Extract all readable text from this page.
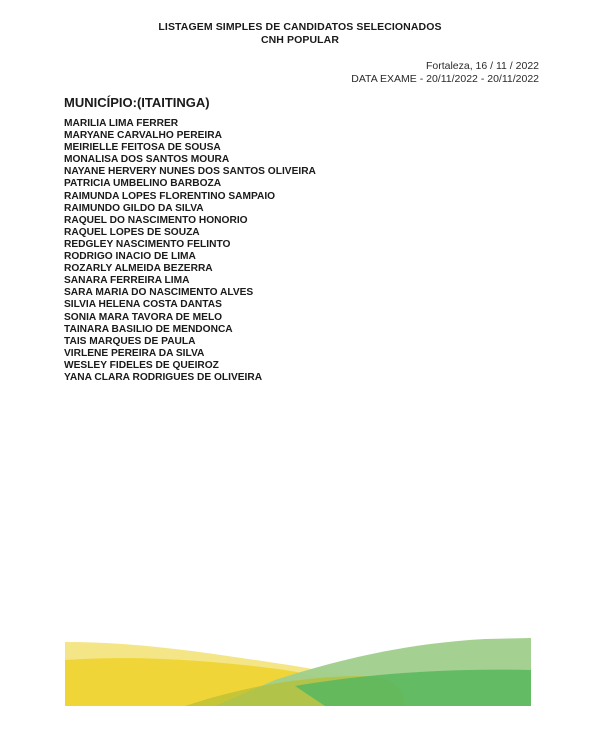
LISTAGEM SIMPLES DE CANDIDATOS SELECIONADOS
CNH POPULAR
Fortaleza, 16 / 11 / 2022
DATA EXAME - 20/11/2022 - 20/11/2022
MUNICÍPIO:(ITAITINGA)
MARILIA LIMA FERRER
MARYANE CARVALHO PEREIRA
MEIRIELLE FEITOSA DE SOUSA
MONALISA DOS SANTOS MOURA
NAYANE HERVERY NUNES DOS SANTOS OLIVEIRA
PATRICIA UMBELINO BARBOZA
RAIMUNDA LOPES FLORENTINO SAMPAIO
RAIMUNDO GILDO DA SILVA
RAQUEL DO NASCIMENTO HONORIO
RAQUEL LOPES DE SOUZA
REDGLEY NASCIMENTO FELINTO
RODRIGO INACIO DE LIMA
ROZARLY ALMEIDA BEZERRA
SANARA FERREIRA LIMA
SARA MARIA DO NASCIMENTO ALVES
SILVIA HELENA COSTA DANTAS
SONIA MARA TAVORA DE MELO
TAINARA BASILIO DE MENDONCA
TAIS MARQUES DE PAULA
VIRLENE PEREIRA DA SILVA
WESLEY FIDELES DE QUEIROZ
YANA CLARA RODRIGUES DE OLIVEIRA
